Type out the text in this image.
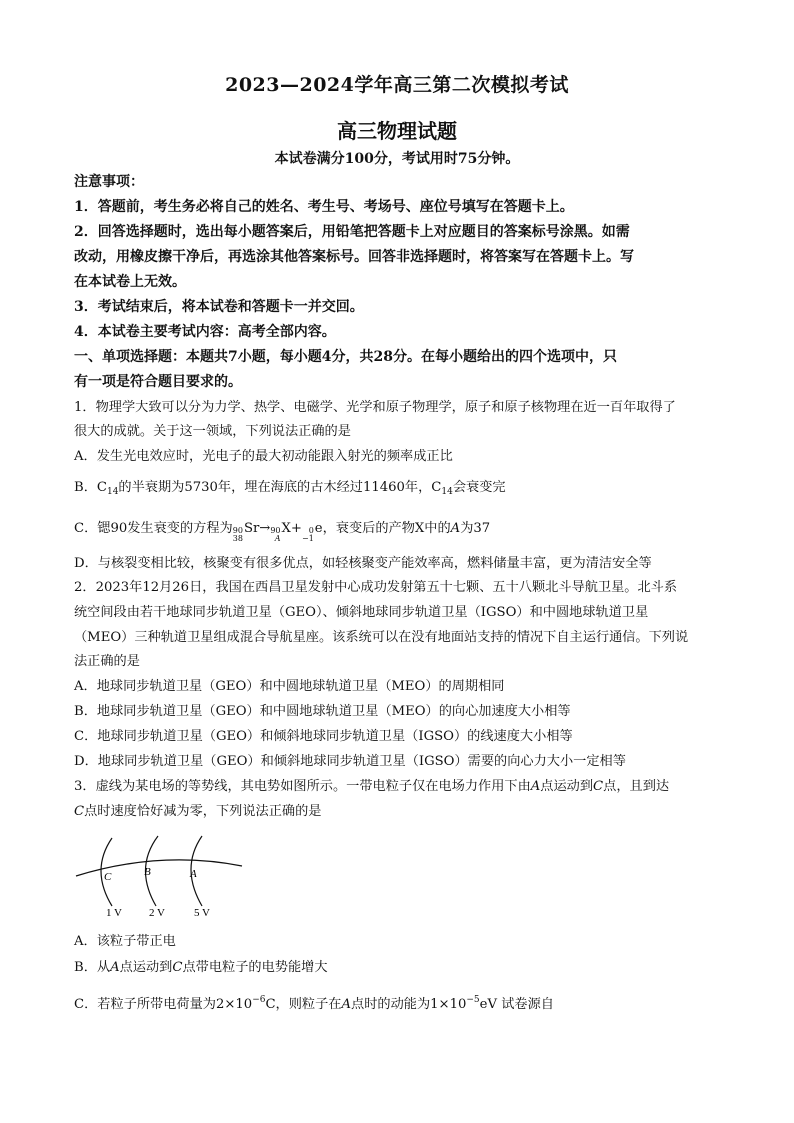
2023—2024学年高三第二次模拟考试
高三物理试题
本试卷满分100分，考试用时75分钟。
注意事项：
1．答题前，考生务必将自己的姓名、考生号、考场号、座位号填写在答题卡上。
2．回答选择题时，选出每小题答案后，用铅笔把答题卡上对应题目的答案标号涂黑。如需
改动，用橡皮擦干净后，再选涂其他答案标号。回答非选择题时，将答案写在答题卡上。写
在本试卷上无效。
3．考试结束后，将本试卷和答题卡一并交回。
4．本试卷主要考试内容：高考全部内容。
一、单项选择题：本题共7小题，每小题4分，共28分。在每小题给出的四个选项中，只
有一项是符合题目要求的。
1．物理学大致可以分为力学、热学、电磁学、光学和原子物理学，原子和原子核物理在近一百年取得了
很大的成就。关于这一领域，下列说法正确的是
A．发生光电效应时，光电子的最大初动能跟入射光的频率成正比
B．$C_{14}$的半衰期为5730年，埋在海底的古木经过11460年，$C_{14}$会衰变完
C．锶90发生衰变的方程为 90
38
Sr→ 90
A
X+ 0
−1
e，衰变后的产物X中的A为37
D．与核裂变相比较，核聚变有很多优点，如轻核聚变产能效率高，燃料储量丰富，更为清洁安全等
2．2023年12月26日，我国在西昌卫星发射中心成功发射第五十七颗、五十八颗北斗导航卫星。北斗系
统空间段由若干地球同步轨道卫星（GEO）、倾斜地球同步轨道卫星（IGSO）和中圆地球轨道卫星
（MEO）三种轨道卫星组成混合导航星座。该系统可以在没有地面站支持的情况下自主运行通信。下列说
法正确的是
A．地球同步轨道卫星（GEO）和中圆地球轨道卫星（MEO）的周期相同
B．地球同步轨道卫星（GEO）和中圆地球轨道卫星（MEO）的向心加速度大小相等
C．地球同步轨道卫星（GEO）和倾斜地球同步轨道卫星（IGSO）的线速度大小相等
D．地球同步轨道卫星（GEO）和倾斜地球同步轨道卫星（IGSO）需要的向心力大小一定相等
3．虚线为某电场的等势线，其电势如图所示。一带电粒子仅在电场力作用下由A点运动到C点，且到达
C点时速度恰好减为零，下列说法正确的是
C	B	A
1 V 2 V	5 V
A．该粒子带正电
B．从A点运动到C点带电粒子的电势能增大
C．若粒子所带电荷量为$2\times 10^{-6}C$，则粒子在A点时的动能为$1\times 10^{-5}eV$ 试卷源自
